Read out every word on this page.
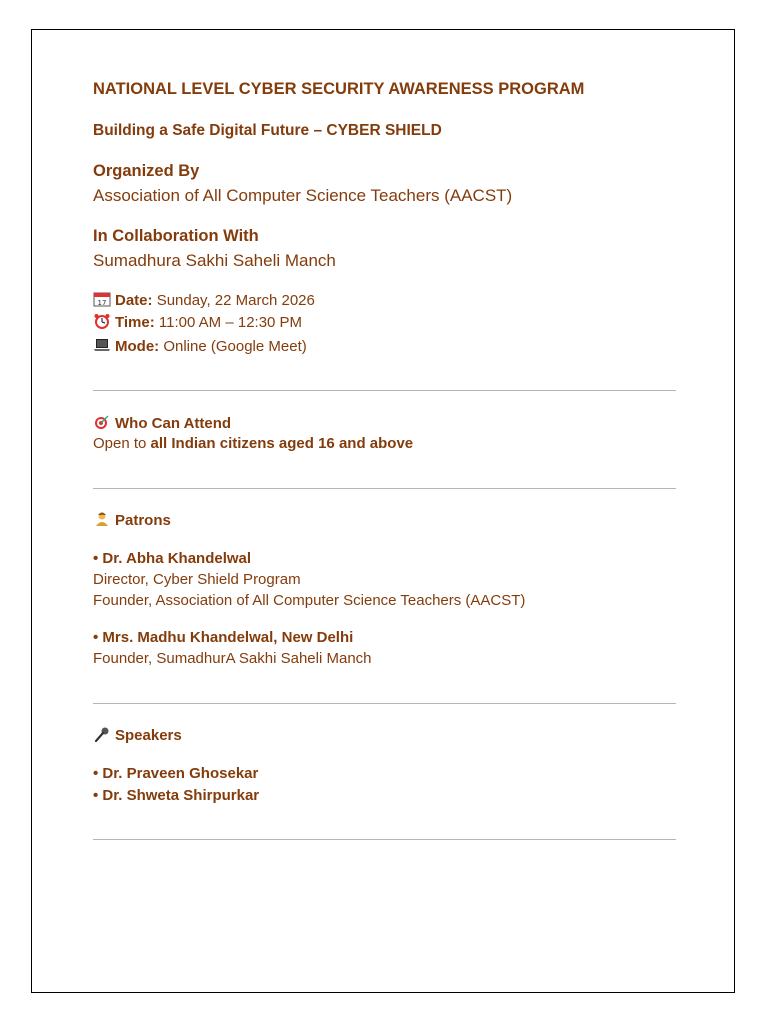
NATIONAL LEVEL CYBER SECURITY AWARENESS PROGRAM
Building a Safe Digital Future – CYBER SHIELD
Organized By
Association of All Computer Science Teachers (AACST)
In Collaboration With
Sumadhura Sakhi Saheli Manch
17 Date: Sunday, 22 March 2026
Time: 11:00 AM – 12:30 PM
Mode: Online (Google Meet)
Who Can Attend
Open to all Indian citizens aged 16 and above
Patrons
• Dr. Abha Khandelwal
Director, Cyber Shield Program
Founder, Association of All Computer Science Teachers (AACST)
• Mrs. Madhu Khandelwal, New Delhi
Founder, SumadhurA Sakhi Saheli Manch
Speakers
• Dr. Praveen Ghosekar
• Dr. Shweta Shirpurkar
